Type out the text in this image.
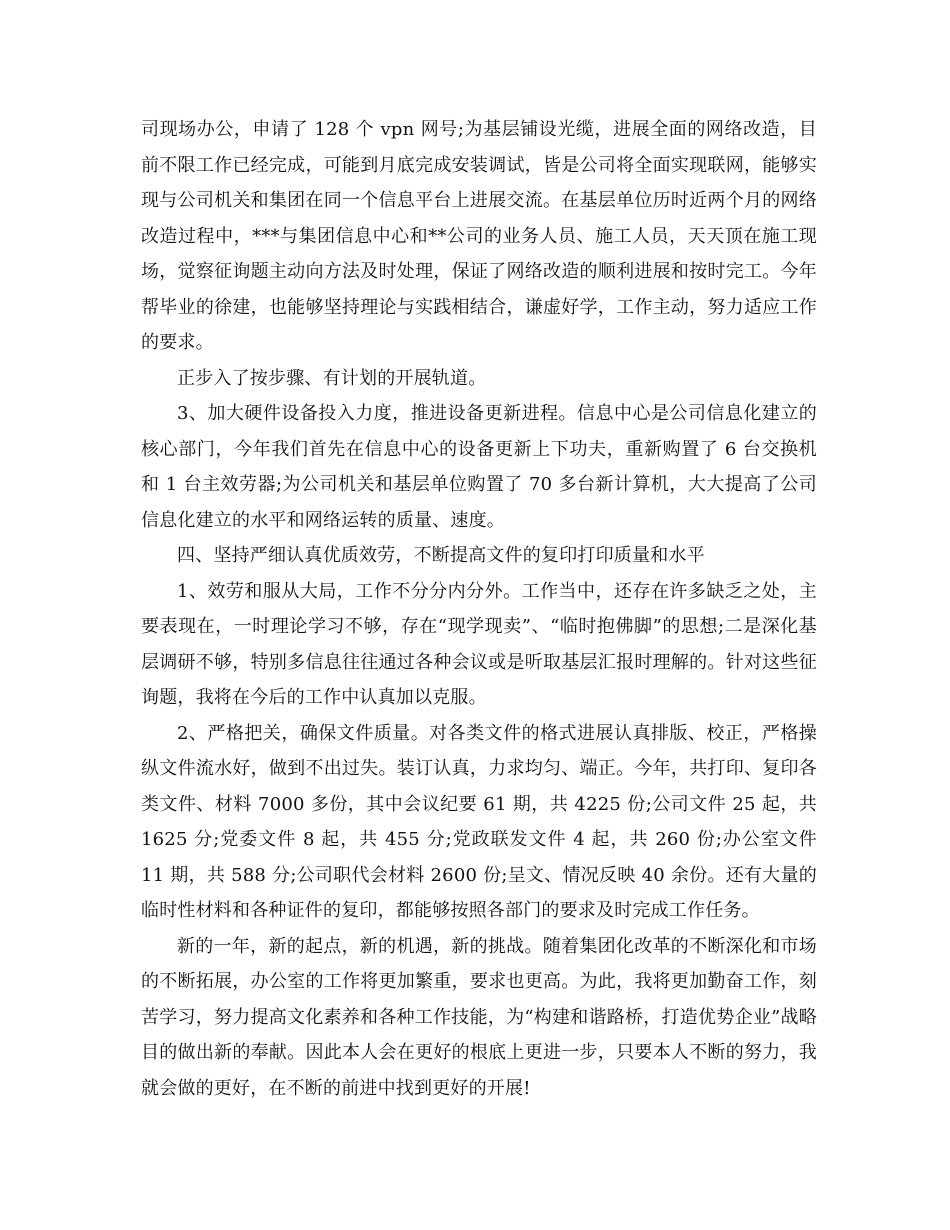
司现场办公，申请了 128 个 vpn 网号;为基层铺设光缆，进展全面的网络改造，目前不限工作已经完成，可能到月底完成安装调试，皆是公司将全面实现联网，能够实现与公司机关和集团在同一个信息平台上进展交流。在基层单位历时近两个月的网络改造过程中，***与集团信息中心和**公司的业务人员、施工人员，天天顶在施工现场，觉察征询题主动向方法及时处理，保证了网络改造的顺利进展和按时完工。今年帮毕业的徐建，也能够坚持理论与实践相结合，谦虚好学，工作主动，努力适应工作的要求。

正步入了按步骤、有计划的开展轨道。

3、加大硬件设备投入力度，推进设备更新进程。信息中心是公司信息化建立的核心部门，今年我们首先在信息中心的设备更新上下功夫，重新购置了 6 台交换机和 1 台主效劳器;为公司机关和基层单位购置了 70 多台新计算机，大大提高了公司信息化建立的水平和网络运转的质量、速度。

四、坚持严细认真优质效劳，不断提高文件的复印打印质量和水平

1、效劳和服从大局，工作不分分内分外。工作当中，还存在许多缺乏之处，主要表现在，一时理论学习不够，存在“现学现卖”、“临时抱佛脚”的思想;二是深化基层调研不够，特别多信息往往通过各种会议或是听取基层汇报时理解的。针对这些征询题，我将在今后的工作中认真加以克服。

2、严格把关，确保文件质量。对各类文件的格式进展认真排版、校正，严格操纵文件流水好，做到不出过失。装订认真，力求均匀、端正。今年，共打印、复印各类文件、材料 7000 多份，其中会议纪要 61 期，共 4225 份;公司文件 25 起，共 1625 分;党委文件 8 起，共 455 分;党政联发文件 4 起，共 260 份;办公室文件 11 期，共 588 分;公司职代会材料 2600 份;呈文、情况反映 40 余份。还有大量的临时性材料和各种证件的复印，都能够按照各部门的要求及时完成工作任务。

新的一年，新的起点，新的机遇，新的挑战。随着集团化改革的不断深化和市场的不断拓展，办公室的工作将更加繁重，要求也更高。为此，我将更加勤奋工作，刻苦学习，努力提高文化素养和各种工作技能，为“构建和谐路桥，打造优势企业”战略目的做出新的奉献。因此本人会在更好的根底上更进一步，只要本人不断的努力，我就会做的更好，在不断的前进中找到更好的开展!
